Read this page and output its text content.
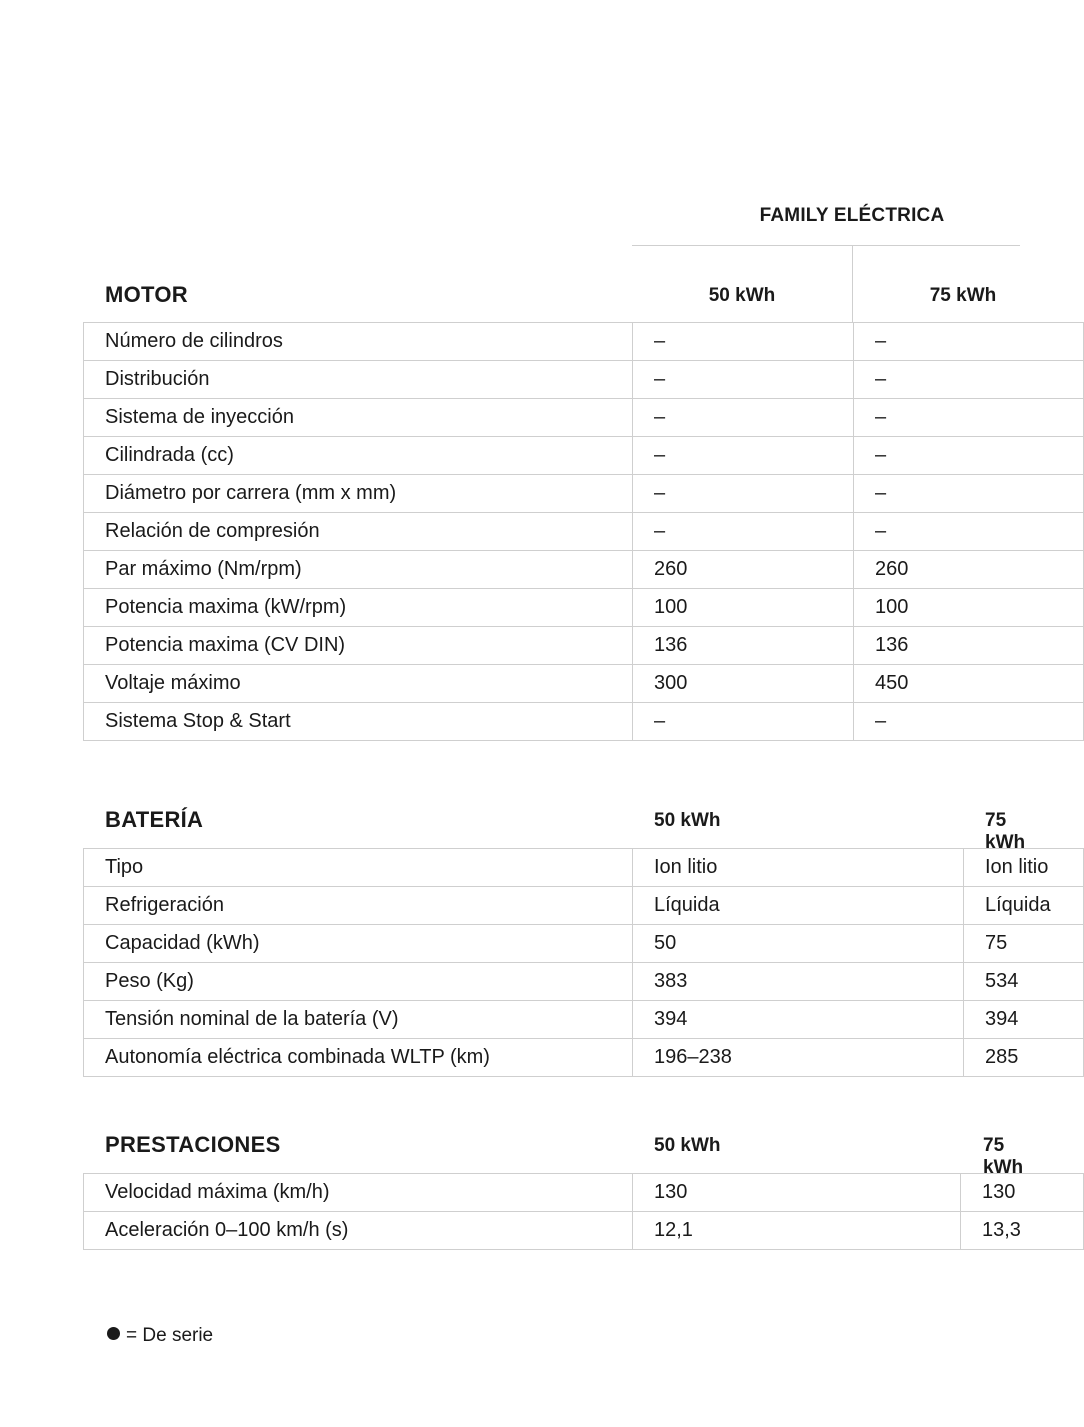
FAMILY ELÉCTRICA
MOTOR	50 kWh	75 kWh
Número de cilindros	–	–
Distribución	–	–
Sistema de inyección	–	–
Cilindrada (cc)	–	–
Diámetro por carrera (mm x mm)	–	–
Relación de compresión	–	–
Par máximo (Nm/rpm)	260	260
Potencia maxima (kW/rpm)	100	100
Potencia maxima (CV DIN)	136	136
Voltaje máximo	300	450
Sistema Stop & Start	–	–
BATERÍA	50 kWh	75 kWh
Tipo	Ion litio	Ion litio
Refrigeración	Líquida	Líquida
Capacidad (kWh)	50	75
Peso (Kg)	383	534
Tensión nominal de la batería (V)	394	394
Autonomía eléctrica combinada WLTP (km)	196–238	285
PRESTACIONES	50 kWh	75 kWh
Velocidad máxima (km/h)	130	130
Aceleración 0–100 km/h (s)	12,1	13,3
= De serie
